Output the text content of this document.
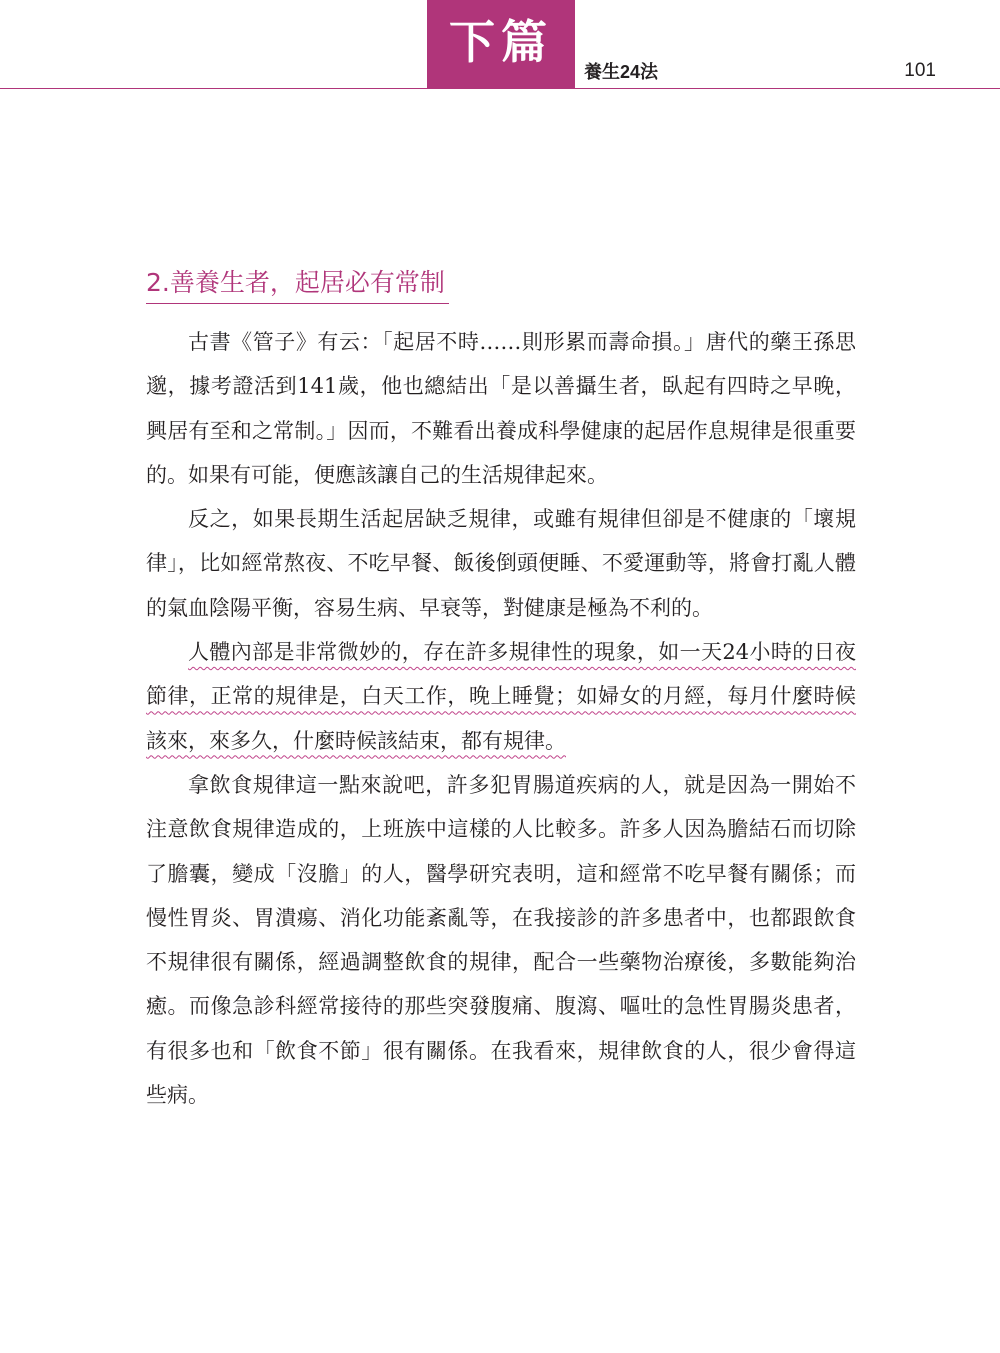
下篇
養生24法	101
2.善養生者，起居必有常制

古書《管子》有云：「起居不時……則形累而壽命損。」唐代的藥王孫思邈，據考證活到141歲，他也總結出「是以善攝生者，臥起有四時之早晚，興居有至和之常制。」因而，不難看出養成科學健康的起居作息規律是很重要的。如果有可能，便應該讓自己的生活規律起來。

反之，如果長期生活起居缺乏規律，或雖有規律但卻是不健康的「壞規律」，比如經常熬夜、不吃早餐、飯後倒頭便睡、不愛運動等，將會打亂人體的氣血陰陽平衡，容易生病、早衰等，對健康是極為不利的。

人體內部是非常微妙的，存在許多規律性的現象，如一天24小時的日夜節律，正常的規律是，白天工作，晚上睡覺；如婦女的月經，每月什麼時候該來，來多久，什麼時候該結束，都有規律。

拿飲食規律這一點來說吧，許多犯胃腸道疾病的人，就是因為一開始不注意飲食規律造成的，上班族中這樣的人比較多。許多人因為膽結石而切除了膽囊，變成「沒膽」的人，醫學研究表明，這和經常不吃早餐有關係；而慢性胃炎、胃潰瘍、消化功能紊亂等，在我接診的許多患者中，也都跟飲食不規律很有關係，經過調整飲食的規律，配合一些藥物治療後，多數能夠治癒。而像急診科經常接待的那些突發腹痛、腹瀉、嘔吐的急性胃腸炎患者，有很多也和「飲食不節」很有關係。在我看來，規律飲食的人，很少會得這些病。
